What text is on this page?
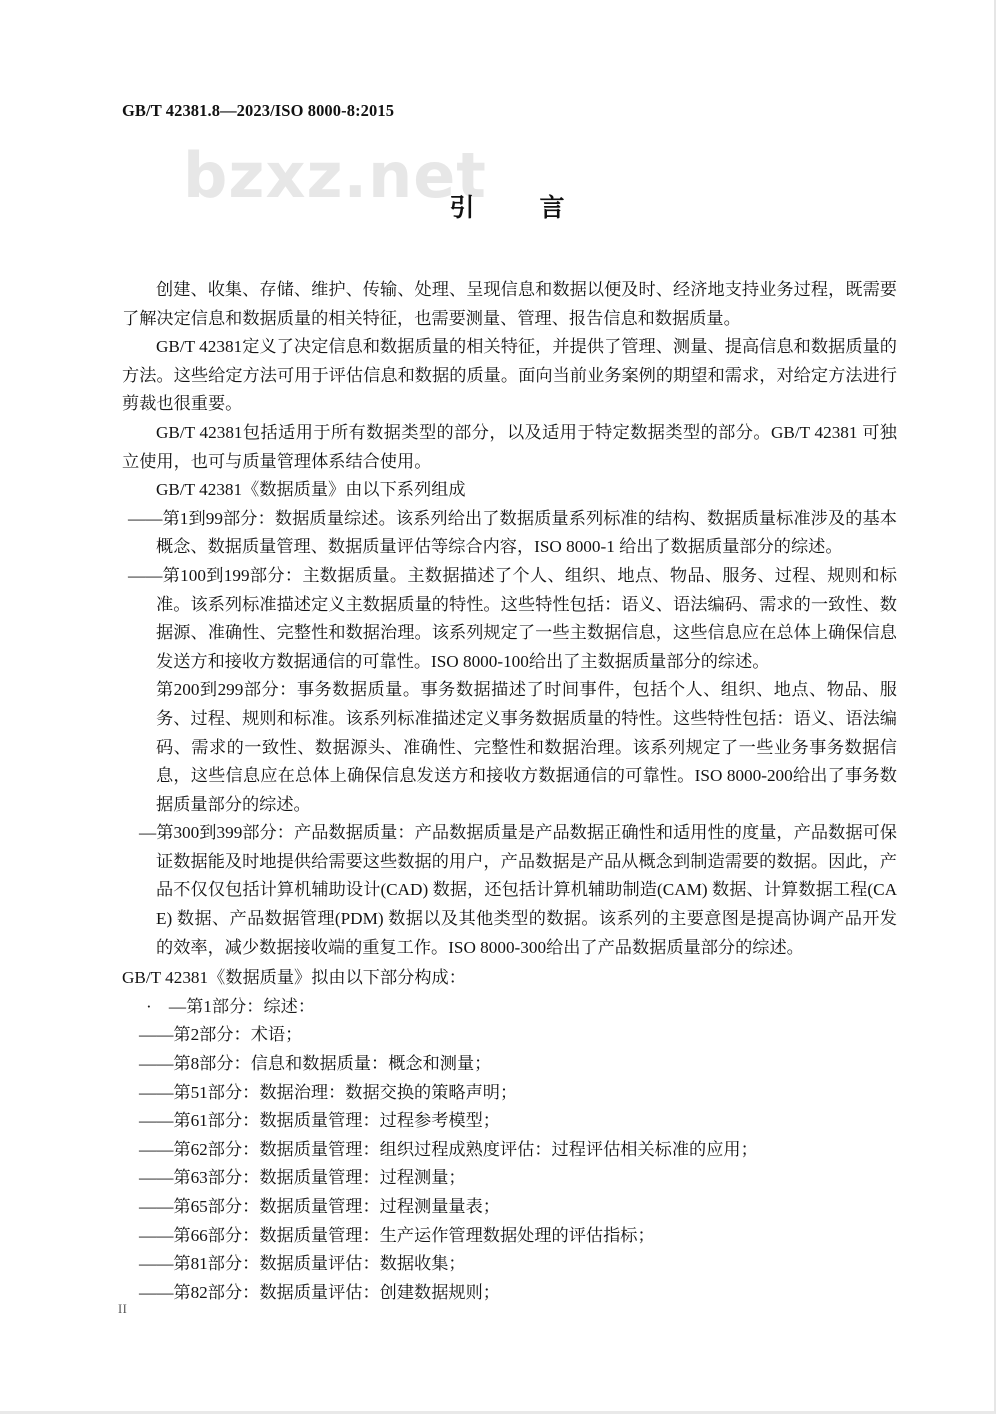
GB/T 42381.8—2023/ISO 8000-8:2015
bzxz.net
引　言

创建、收集、存储、维护、传输、处理、呈现信息和数据以便及时、经济地支持业务过程，既需要了解决定信息和数据质量的相关特征，也需要测量、管理、报告信息和数据质量。

GB/T 42381定义了决定信息和数据质量的相关特征，并提供了管理、测量、提高信息和数据质量的方法。这些给定方法可用于评估信息和数据的质量。面向当前业务案例的期望和需求，对给定方法进行剪裁也很重要。

GB/T 42381包括适用于所有数据类型的部分，以及适用于特定数据类型的部分。GB/T 42381 可独立使用，也可与质量管理体系结合使用。

GB/T 42381《数据质量》由以下系列组成

——第1到99部分：数据质量综述。该系列给出了数据质量系列标准的结构、数据质量标准涉及的基本概念、数据质量管理、数据质量评估等综合内容，ISO 8000-1 给出了数据质量部分的综述。
——第100到199部分：主数据质量。主数据描述了个人、组织、地点、物品、服务、过程、规则和标准。该系列标准描述定义主数据质量的特性。这些特性包括：语义、语法编码、需求的一致性、数据源、准确性、完整性和数据治理。该系列规定了一些主数据信息，这些信息应在总体上确保信息发送方和接收方数据通信的可靠性。ISO 8000-100给出了主数据质量部分的综述。
第200到299部分：事务数据质量。事务数据描述了时间事件，包括个人、组织、地点、物品、服务、过程、规则和标准。该系列标准描述定义事务数据质量的特性。这些特性包括：语义、语法编码、需求的一致性、数据源头、准确性、完整性和数据治理。该系列规定了一些业务事务数据信息，这些信息应在总体上确保信息发送方和接收方数据通信的可靠性。ISO 8000-200给出了事务数据质量部分的综述。
—第300到399部分：产品数据质量：产品数据质量是产品数据正确性和适用性的度量，产品数据可保证数据能及时地提供给需要这些数据的用户，产品数据是产品从概念到制造需要的数据。因此，产品不仅仅包括计算机辅助设计(CAD) 数据，还包括计算机辅助制造(CAM) 数据、计算数据工程(CAE) 数据、产品数据管理(PDM) 数据以及其他类型的数据。该系列的主要意图是提高协调产品开发的效率，减少数据接收端的重复工作。ISO 8000-300给出了产品数据质量部分的综述。

GB/T 42381《数据质量》拟由以下部分构成：

·　—第1部分：综述：
——第2部分：术语；
——第8部分：信息和数据质量：概念和测量；
——第51部分：数据治理：数据交换的策略声明；
——第61部分：数据质量管理：过程参考模型；
——第62部分：数据质量管理：组织过程成熟度评估：过程评估相关标准的应用；
——第63部分：数据质量管理：过程测量；
——第65部分：数据质量管理：过程测量量表；
——第66部分：数据质量管理：生产运作管理数据处理的评估指标；
——第81部分：数据质量评估：数据收集；
——第82部分：数据质量评估：创建数据规则；
II
